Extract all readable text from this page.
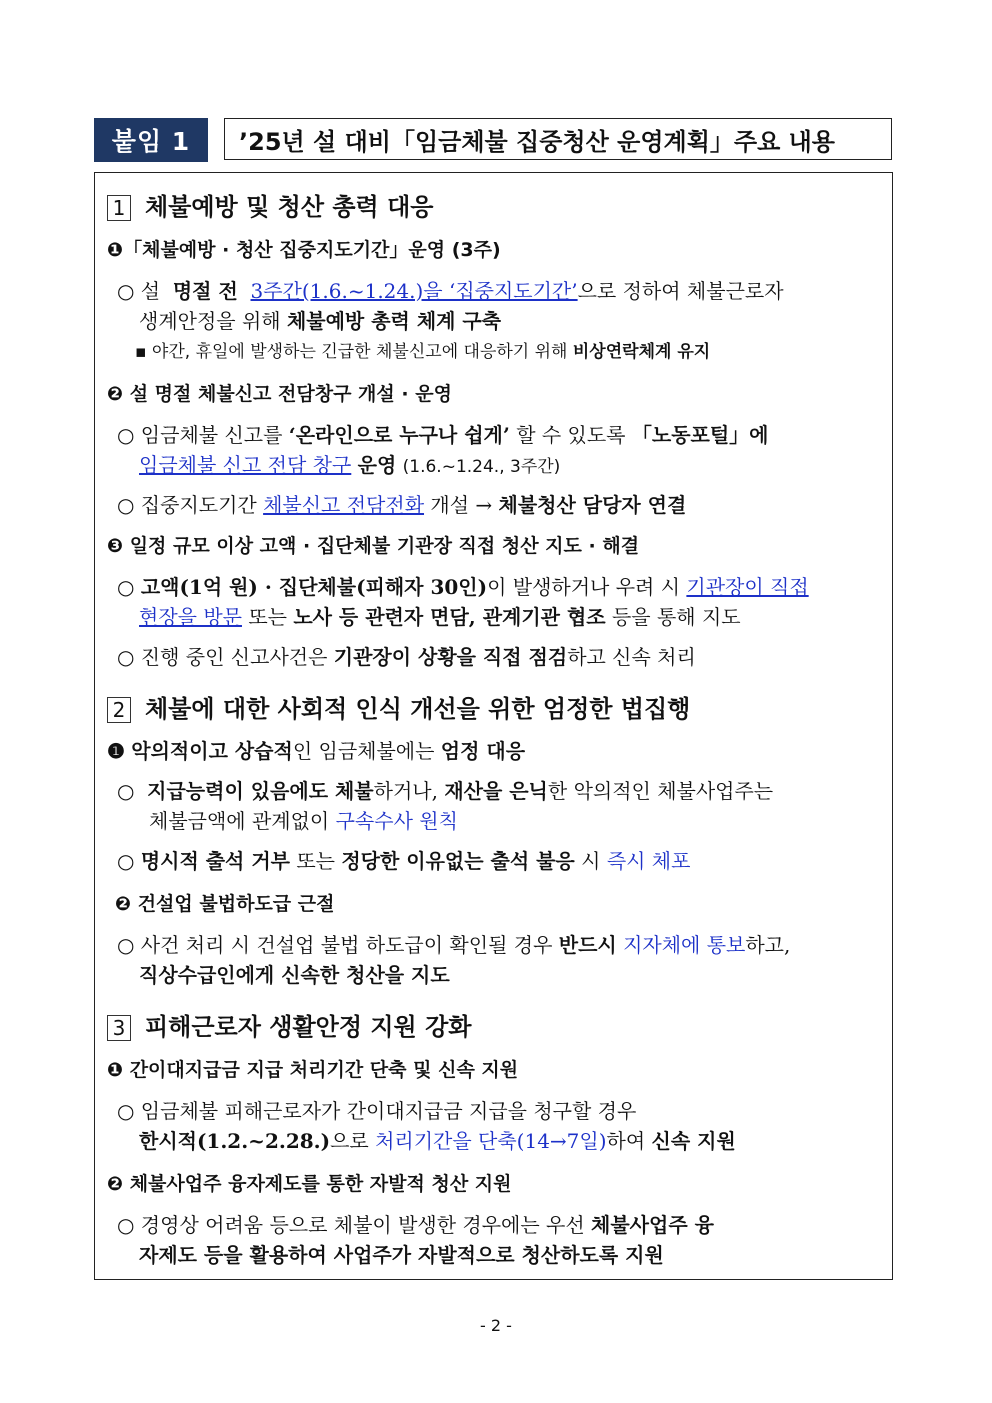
붙임 1	’25년 설 대비「임금체불 집중청산 운영계획」주요 내용
1 체불예방 및 청산 총력 대응
❶「체불예방 · 청산 집중지도기간」운영 (3주)
○ 설 명절 전 3주간(1.6.~1.24.)을 ‘집중지도기간’으로 정하여 체불근로자
생계안정을 위해 체불예방 총력 체계 구축
▪ 야간, 휴일에 발생하는 긴급한 체불신고에 대응하기 위해 비상연락체계 유지
❷ 설 명절 체불신고 전담창구 개설 · 운영
○ 임금체불 신고를 ‘온라인으로 누구나 쉽게’ 할 수 있도록 「노동포털」에
임금체불 신고 전담 창구 운영 (1.6.~1.24., 3주간)
○ 집중지도기간 체불신고 전담전화 개설 → 체불청산 담당자 연결
❸ 일정 규모 이상 고액 · 집단체불 기관장 직접 청산 지도 · 해결
○ 고액(1억 원) · 집단체불(피해자 30인)이 발생하거나 우려 시 기관장이 직접
현장을 방문 또는 노사 등 관련자 면담, 관계기관 협조 등을 통해 지도
○ 진행 중인 신고사건은 기관장이 상황을 직접 점검하고 신속 처리
2 체불에 대한 사회적 인식 개선을 위한 엄정한 법집행
❶ 악의적이고 상습적인 임금체불에는 엄정 대응
○ 지급능력이 있음에도 체불하거나, 재산을 은닉한 악의적인 체불사업주는
체불금액에 관계없이 구속수사 원칙
○ 명시적 출석 거부 또는 정당한 이유없는 출석 불응 시 즉시 체포
❷ 건설업 불법하도급 근절
○ 사건 처리 시 건설업 불법 하도급이 확인될 경우 반드시 지자체에 통보하고,
직상수급인에게 신속한 청산을 지도
3 피해근로자 생활안정 지원 강화
❶ 간이대지급금 지급 처리기간 단축 및 신속 지원
○ 임금체불 피해근로자가 간이대지급금 지급을 청구할 경우
한시적(1.2.~2.28.)으로 처리기간을 단축(14→7일)하여 신속 지원
❷ 체불사업주 융자제도를 통한 자발적 청산 지원
○ 경영상 어려움 등으로 체불이 발생한 경우에는 우선 체불사업주 융
자제도 등을 활용하여 사업주가 자발적으로 청산하도록 지원
- 2 -
